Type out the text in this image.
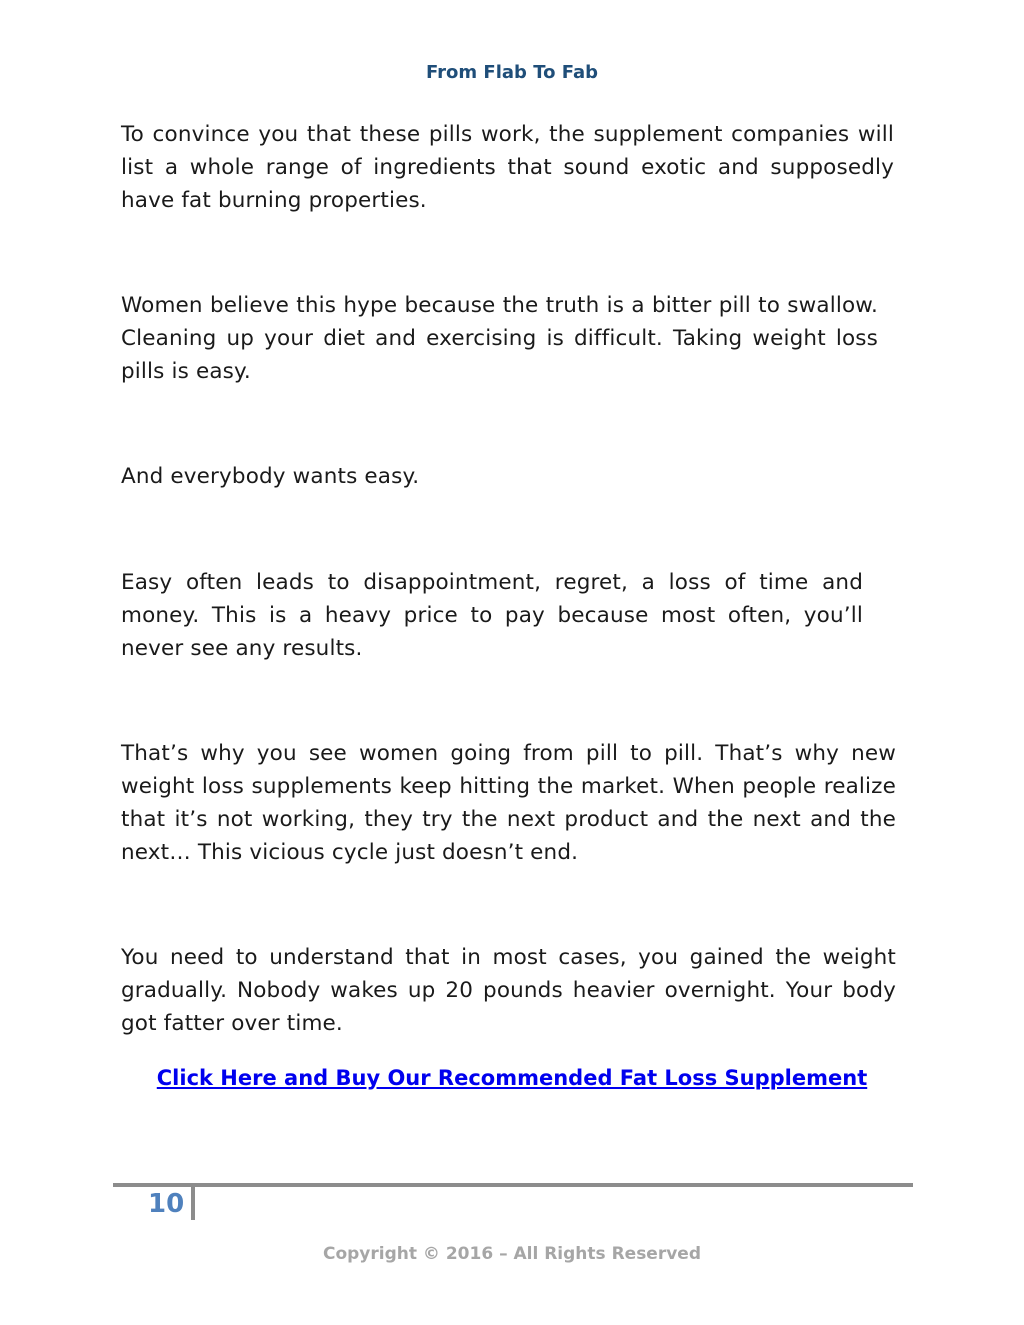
From Flab To Fab

To convince you that these pills work, the supplement companies will list a whole range of ingredients that sound exotic and supposedly have fat burning properties.

Women believe this hype because the truth is a bitter pill to swallow. Cleaning up your diet and exercising is difficult. Taking weight loss pills is easy.

And everybody wants easy.

Easy often leads to disappointment, regret, a loss of time and money. This is a heavy price to pay because most often, you’ll never see any results.

That’s why you see women going from pill to pill. That’s why new weight loss supplements keep hitting the market. When people realize that it’s not working, they try the next product and the next and the next… This vicious cycle just doesn’t end.

You need to understand that in most cases, you gained the weight gradually. Nobody wakes up 20 pounds heavier overnight. Your body got fatter over time.

Click Here and Buy Our Recommended Fat Loss Supplement
10
Copyright © 2016 – All Rights Reserved
